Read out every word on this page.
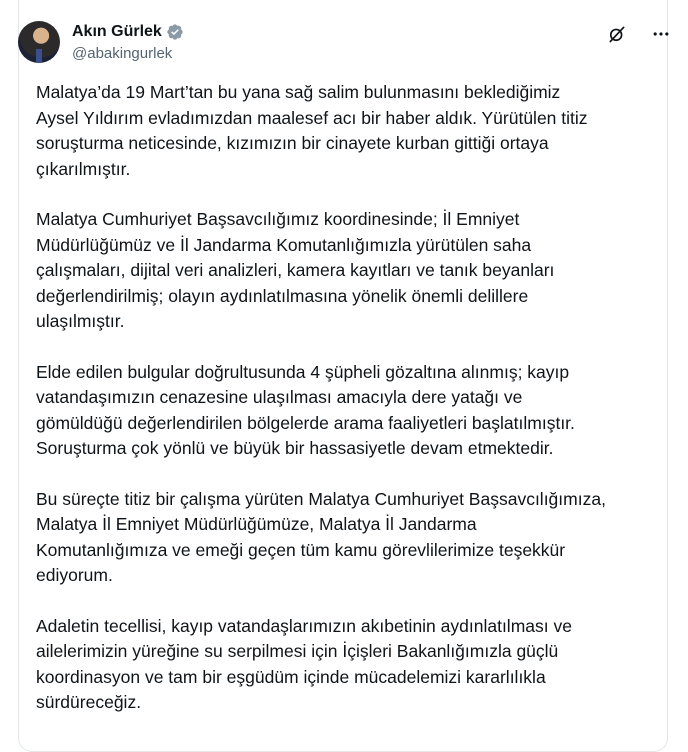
Akın Gürlek
@abakingurlek

Malatya’da 19 Mart’tan bu yana sağ salim bulunmasını beklediğimiz
Aysel Yıldırım evladımızdan maalesef acı bir haber aldık. Yürütülen titiz
soruşturma neticesinde, kızımızın bir cinayete kurban gittiği ortaya
çıkarılmıştır.

Malatya Cumhuriyet Başsavcılığımız koordinesinde; İl Emniyet
Müdürlüğümüz ve İl Jandarma Komutanlığımızla yürütülen saha
çalışmaları, dijital veri analizleri, kamera kayıtları ve tanık beyanları
değerlendirilmiş; olayın aydınlatılmasına yönelik önemli delillere
ulaşılmıştır.

Elde edilen bulgular doğrultusunda 4 şüpheli gözaltına alınmış; kayıp
vatandaşımızın cenazesine ulaşılması amacıyla dere yatağı ve
gömüldüğü değerlendirilen bölgelerde arama faaliyetleri başlatılmıştır.
Soruşturma çok yönlü ve büyük bir hassasiyetle devam etmektedir.

Bu süreçte titiz bir çalışma yürüten Malatya Cumhuriyet Başsavcılığımıza,
Malatya İl Emniyet Müdürlüğümüze, Malatya İl Jandarma
Komutanlığımıza ve emeği geçen tüm kamu görevlilerimize teşekkür
ediyorum.

Adaletin tecellisi, kayıp vatandaşlarımızın akıbetinin aydınlatılması ve
ailelerimizin yüreğine su serpilmesi için İçişleri Bakanlığımızla güçlü
koordinasyon ve tam bir eşgüdüm içinde mücadelemizi kararlılıkla
sürdüreceğiz.
